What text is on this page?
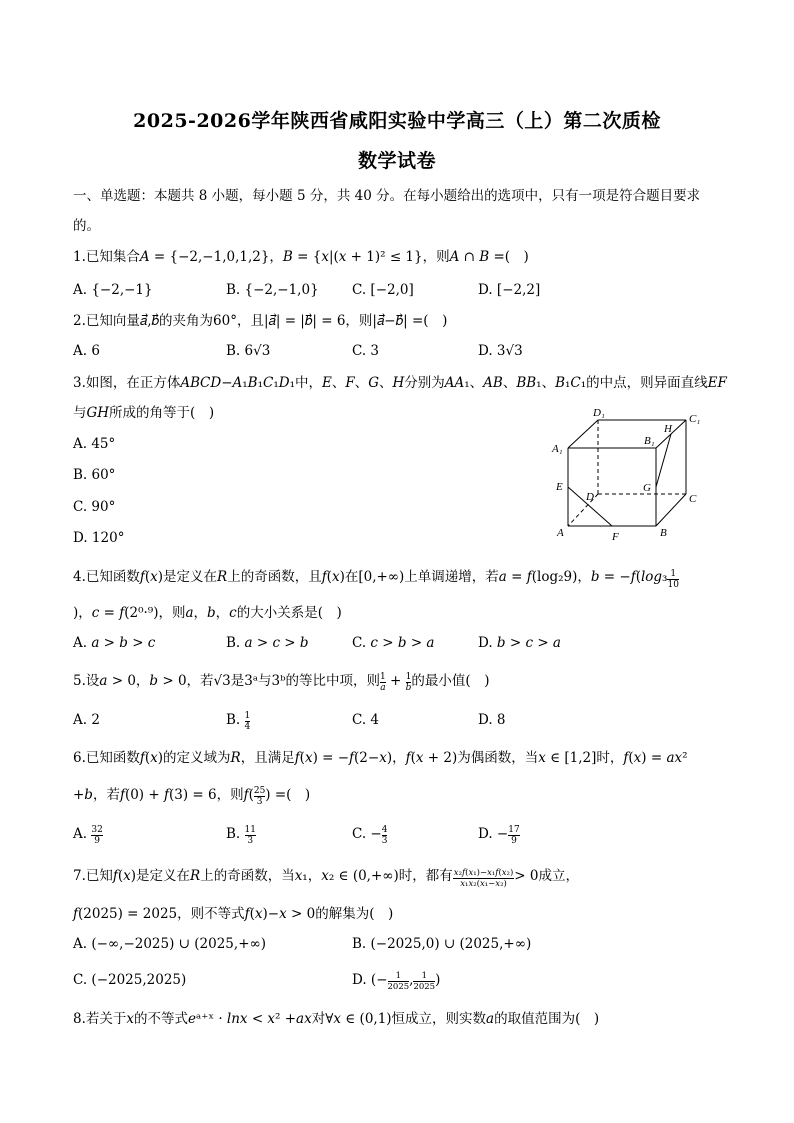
2025-2026学年陕西省咸阳实验中学高三（上）第二次质检
数学试卷
一、单选题：本题共 8 小题，每小题 5 分，共 40 分。在每小题给出的选项中，只有一项是符合题目要求
的。
1.已知集合𝐴 = {−2,−1,0,1,2}，𝐵 = {𝑥|(𝑥 + 1)² ≤ 1}，则𝐴 ∩ 𝐵 =(　)
A. {−2,−1}	B. {−2,−1,0} C. [−2,0]	D. [−2,2]
2.已知向量𝑎⃗,𝑏⃗的夹角为60°，且|𝑎⃗| = |𝑏⃗| = 6，则|𝑎⃗−𝑏⃗| =(　)
A. 6	B. 6√3	C. 3	D. 3√3
3.如图，在正方体𝐴𝐵𝐶𝐷−𝐴₁𝐵₁𝐶₁𝐷₁中，𝐸、𝐹、𝐺、𝐻分别为𝐴𝐴₁、𝐴𝐵、𝐵𝐵₁、𝐵₁𝐶₁的中点，则异面直线𝐸𝐹
与𝐺𝐻所成的角等于(　)
A. 45°
B. 60°
C. 90°
D. 120°
D₁	C₁
A₁
B₁
H
E
D
G
C
A	F	B
4.已知函数𝑓(𝑥)是定义在𝑅上的奇函数，且𝑓(𝑥)在[0,+∞)上单调递增，若𝑎 = 𝑓(log₂9)，𝑏 = −𝑓(𝑙𝑜𝑔₃ $\frac{1}{10}$
)，𝑐 = 𝑓(2⁰·⁹)，则𝑎，𝑏，𝑐的大小关系是(　)
A. 𝑎 > 𝑏 > 𝑐	B. 𝑎 > 𝑐 > 𝑏	C. 𝑐 > 𝑏 > 𝑎	D. 𝑏 > 𝑐 > 𝑎
5.设𝑎 > 0，𝑏 > 0，若√3是3ᵃ与3ᵇ的等比中项，则 $\frac{1}{a} + \frac{1}{b}$ 的最小值(　)
A. 2	B. $\frac{1}{4}$	C. 4	D. 8
6.已知函数𝑓(𝑥)的定义域为𝑅，且满足𝑓(𝑥) = −𝑓(2−𝑥)，𝑓(𝑥 + 2)为偶函数，当𝑥 ∈ [1,2]时，𝑓(𝑥) = 𝑎𝑥²
+𝑏，若𝑓(0) + 𝑓(3) = 6，则𝑓( $\frac{25}{3}$ ) =(　)
A. $\frac{32}{9}$	B. $\frac{11}{3}$	C. − $\frac{4}{3}$	D. − $\frac{17}{9}$
7.已知𝑓(𝑥)是定义在𝑅上的奇函数，当𝑥₁，𝑥₂ ∈ (0,+∞)时，都有 𝑥₂𝑓(𝑥₁)−𝑥₁𝑓(𝑥₂)
𝑥₁𝑥₂(𝑥₁−𝑥₂) > 0成立，
𝑓(2025) = 2025，则不等式𝑓(𝑥)−𝑥 > 0的解集为(　)
A. (−∞,−2025) ∪ (2025,+∞)	B. (−2025,0) ∪ (2025,+∞)
C. (−2025,2025)	D. (− $\frac{1}{2025}$ , $\frac{1}{2025}$ )
8.若关于𝑥的不等式𝑒ᵃ⁺ˣ · 𝑙𝑛𝑥 < 𝑥² +𝑎𝑥对∀𝑥 ∈ (0,1)恒成立，则实数𝑎的取值范围为(　)
